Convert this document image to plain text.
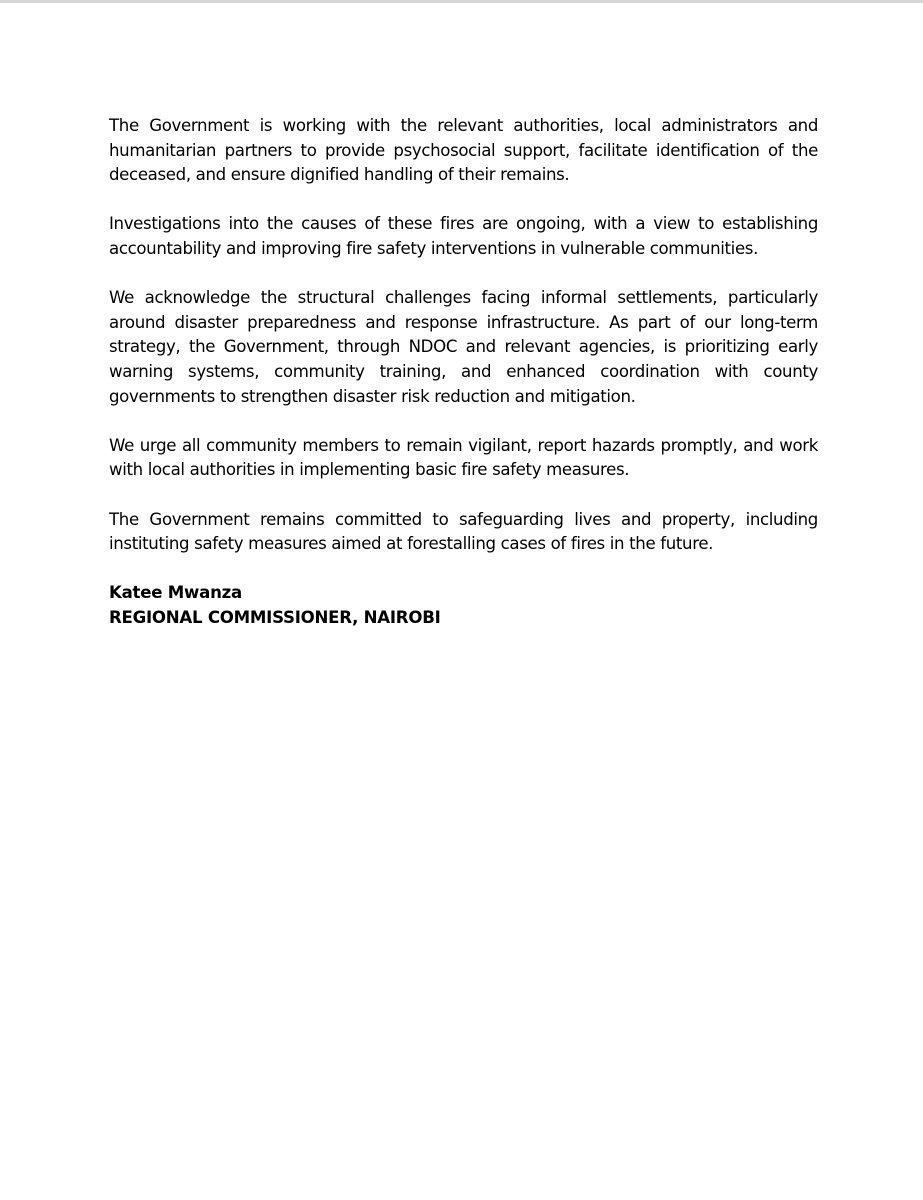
The Government is working with the relevant authorities, local administrators and humanitarian partners to provide psychosocial support, facilitate identification of the deceased, and ensure dignified handling of their remains.

Investigations into the causes of these fires are ongoing, with a view to establishing accountability and improving fire safety interventions in vulnerable communities.

We acknowledge the structural challenges facing informal settlements, particularly around disaster preparedness and response infrastructure. As part of our long-term strategy, the Government, through NDOC and relevant agencies, is prioritizing early warning systems, community training, and enhanced coordination with county governments to strengthen disaster risk reduction and mitigation.

We urge all community members to remain vigilant, report hazards promptly, and work with local authorities in implementing basic fire safety measures.

The Government remains committed to safeguarding lives and property, including instituting safety measures aimed at forestalling cases of fires in the future.

Katee Mwanza
REGIONAL COMMISSIONER, NAIROBI
